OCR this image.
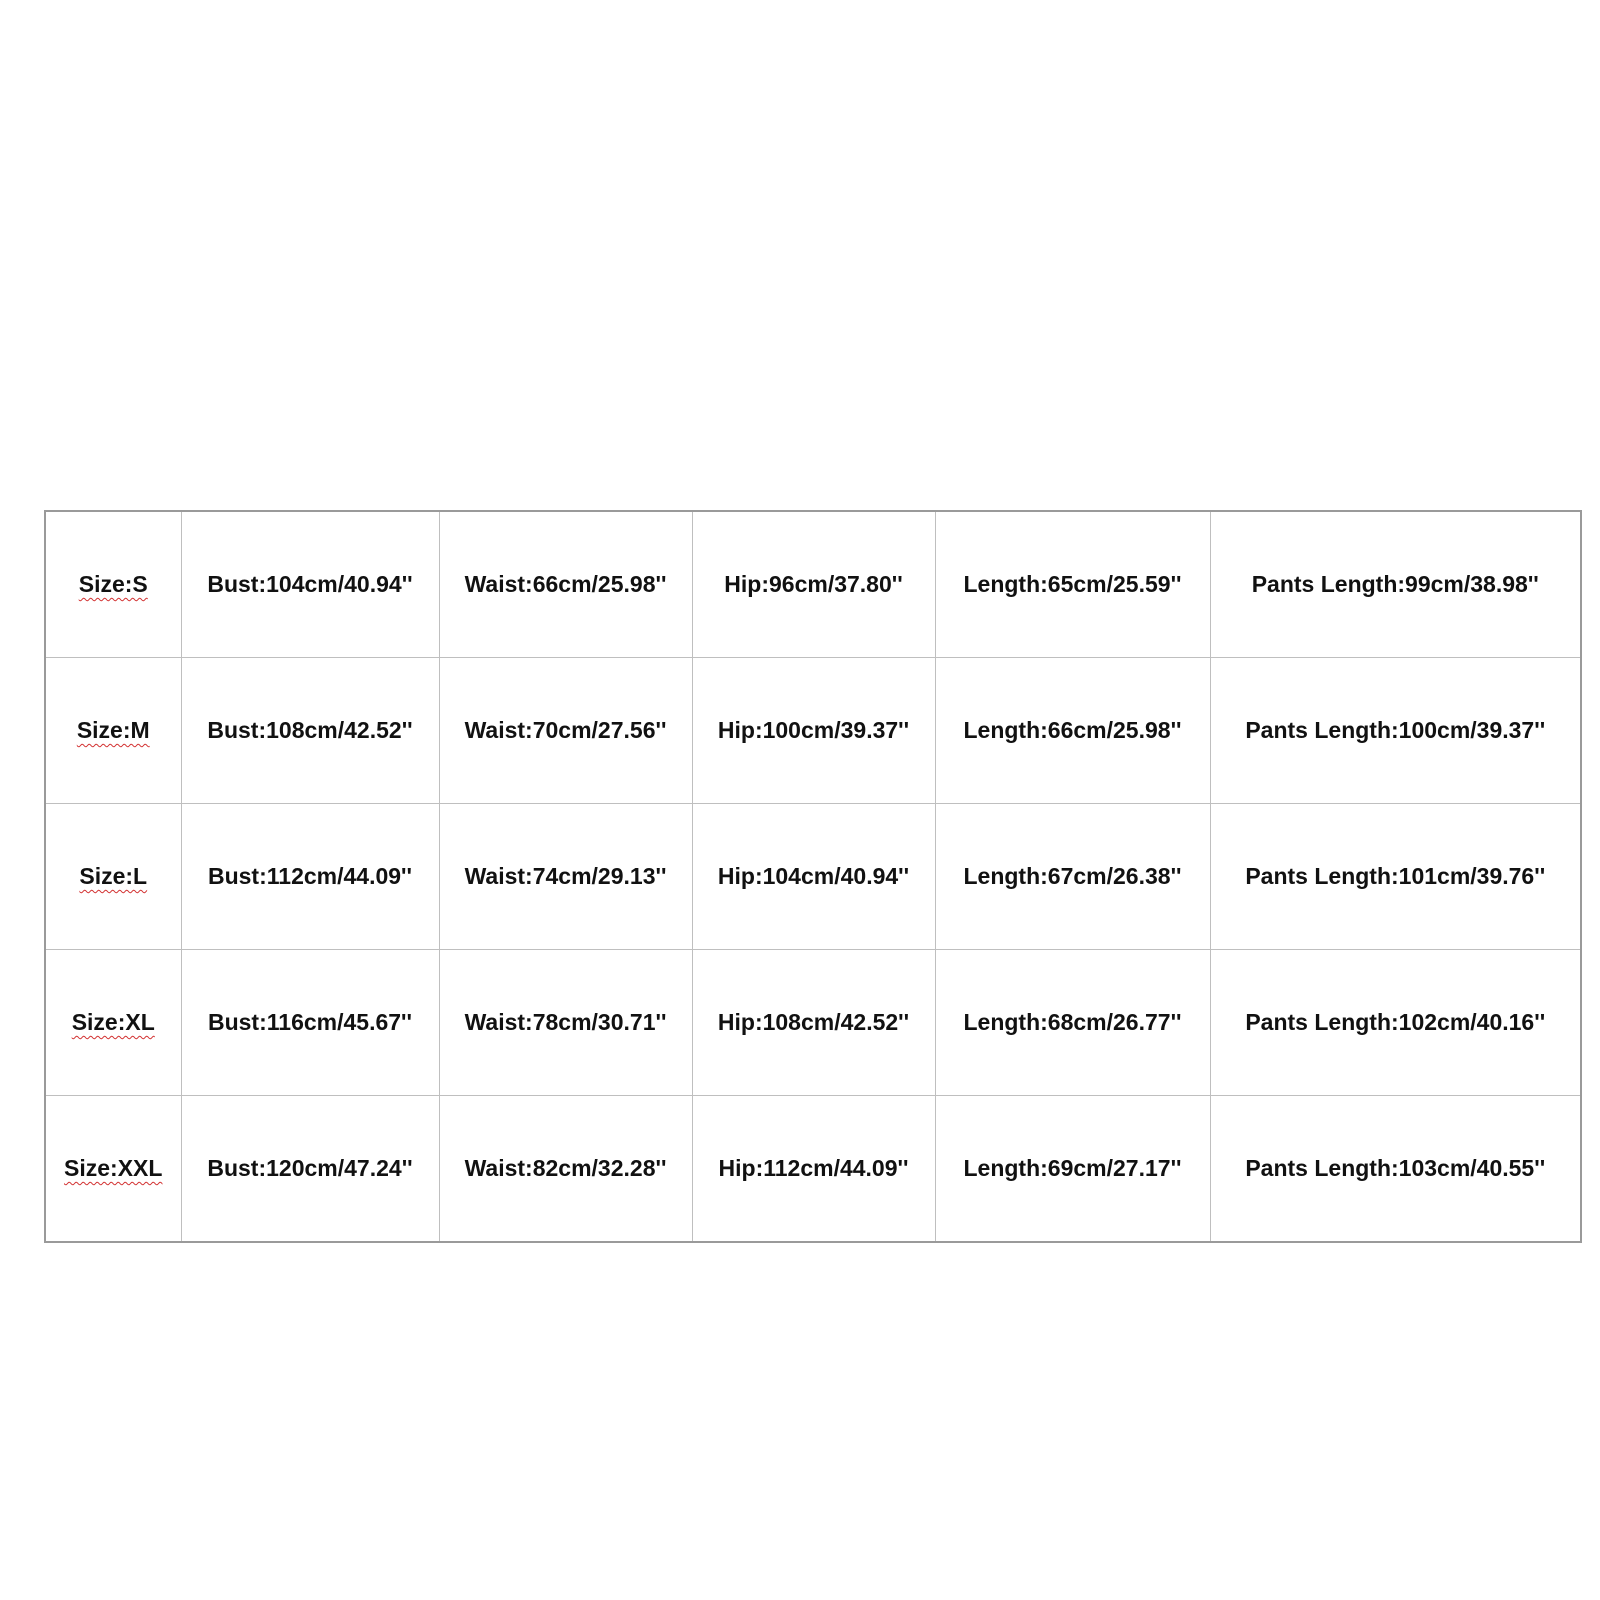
Size:S	Bust:104cm/40.94''	Waist:66cm/25.98''	Hip:96cm/37.80''	Length:65cm/25.59''	Pants Length:99cm/38.98''
Size:M	Bust:108cm/42.52''	Waist:70cm/27.56''	Hip:100cm/39.37''	Length:66cm/25.98''	Pants Length:100cm/39.37''
Size:L	Bust:112cm/44.09''	Waist:74cm/29.13''	Hip:104cm/40.94''	Length:67cm/26.38''	Pants Length:101cm/39.76''
Size:XL	Bust:116cm/45.67''	Waist:78cm/30.71''	Hip:108cm/42.52''	Length:68cm/26.77''	Pants Length:102cm/40.16''
Size:XXL	Bust:120cm/47.24''	Waist:82cm/32.28''	Hip:112cm/44.09''	Length:69cm/27.17''	Pants Length:103cm/40.55''
